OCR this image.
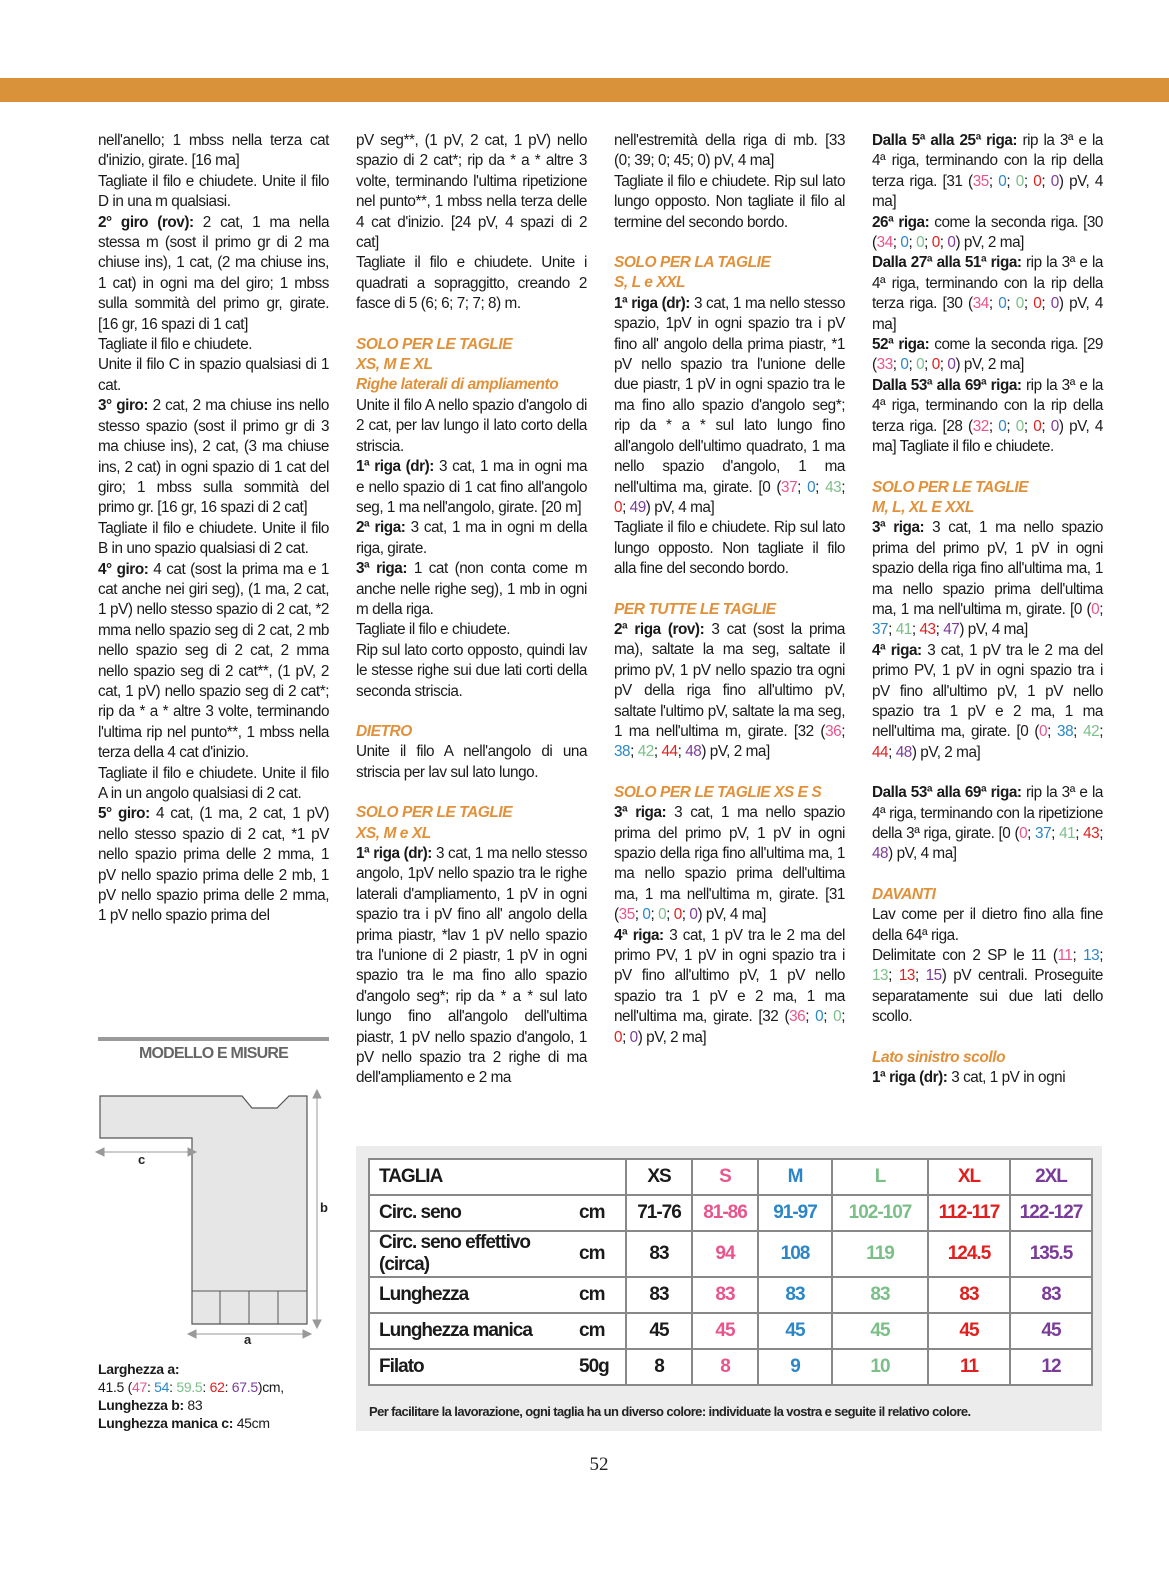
nell'anello; 1 mbss nella terza cat d'inizio, girate. [16 ma]

Tagliate il filo e chiudete. Unite il filo D in una m qualsiasi.

2° giro (rov): 2 cat, 1 ma nella stessa m (sost il primo gr di 2 ma chiuse ins), 1 cat, (2 ma chiuse ins, 1 cat) in ogni ma del giro; 1 mbss sulla sommità del primo gr, girate. [16 gr, 16 spazi di 1 cat]

Tagliate il filo e chiudete.

Unite il filo C in spazio qualsiasi di 1 cat.

3° giro: 2 cat, 2 ma chiuse ins nello stesso spazio (sost il primo gr di 3 ma chiuse ins), 2 cat, (3 ma chiuse ins, 2 cat) in ogni spazio di 1 cat del giro; 1 mbss sulla sommità del primo gr. [16 gr, 16 spazi di 2 cat]

Tagliate il filo e chiudete. Unite il filo B in uno spazio qualsiasi di 2 cat.

4° giro: 4 cat (sost la prima ma e 1 cat anche nei giri seg), (1 ma, 2 cat, 1 pV) nello stesso spazio di 2 cat, *2 mma nello spazio seg di 2 cat, 2 mb nello spazio seg di 2 cat, 2 mma nello spazio seg di 2 cat**, (1 pV, 2 cat, 1 pV) nello spazio seg di 2 cat*; rip da * a * altre 3 volte, terminando l'ultima rip nel punto**, 1 mbss nella terza della 4 cat d'inizio.

Tagliate il filo e chiudete. Unite il filo A in un angolo qualsiasi di 2 cat.

5° giro: 4 cat, (1 ma, 2 cat, 1 pV) nello stesso spazio di 2 cat, *1 pV nello spazio prima delle 2 mma, 1 pV nello spazio prima delle 2 mb, 1 pV nello spazio prima delle 2 mma, 1 pV nello spazio prima del

pV seg**, (1 pV, 2 cat, 1 pV) nello spazio di 2 cat*; rip da * a * altre 3 volte, terminando l'ultima ripetizione nel punto**, 1 mbss nella terza delle 4 cat d'inizio. [24 pV, 4 spazi di 2 cat]

Tagliate il filo e chiudete. Unite i quadrati a sopraggitto, creando 2 fasce di 5 (6; 6; 7; 7; 8) m.

SOLO PER LE TAGLIE

XS, M E XL

Righe laterali di ampliamento

Unite il filo A nello spazio d'angolo di 2 cat, per lav lungo il lato corto della striscia.

1ª riga (dr): 3 cat, 1 ma in ogni ma e nello spazio di 1 cat fino all'angolo seg, 1 ma nell'angolo, girate. [20 m]

2ª riga: 3 cat, 1 ma in ogni m della riga, girate.

3ª riga: 1 cat (non conta come m anche nelle righe seg), 1 mb in ogni m della riga.

Tagliate il filo e chiudete.

Rip sul lato corto opposto, quindi lav le stesse righe sui due lati corti della seconda striscia.

DIETRO

Unite il filo A nell'angolo di una striscia per lav sul lato lungo.

SOLO PER LE TAGLIE

XS, M e XL

1ª riga (dr): 3 cat, 1 ma nello stesso angolo, 1pV nello spazio tra le righe laterali d'ampliamento, 1 pV in ogni spazio tra i pV fino all' angolo della prima piastr, *lav 1 pV nello spazio tra l'unione di 2 piastr, 1 pV in ogni spazio tra le ma fino allo spazio d'angolo seg*; rip da * a * sul lato lungo fino all'angolo dell'ultima piastr, 1 pV nello spazio d'angolo, 1 pV nello spazio tra 2 righe di ma dell'ampliamento e 2 ma

nell'estremità della riga di mb. [33 (0; 39; 0; 45; 0) pV, 4 ma]

Tagliate il filo e chiudete. Rip sul lato lungo opposto. Non tagliate il filo al termine del secondo bordo.

SOLO PER LA TAGLIE

S, L e XXL

1ª riga (dr): 3 cat, 1 ma nello stesso spazio, 1pV in ogni spazio tra i pV fino all' angolo della prima piastr, *1 pV nello spazio tra l'unione delle due piastr, 1 pV in ogni spazio tra le ma fino allo spazio d'angolo seg*; rip da * a * sul lato lungo fino all'angolo dell'ultimo quadrato, 1 ma nello spazio d'angolo, 1 ma nell'ultima ma, girate. [0 (37; 0; 43; 0; 49) pV, 4 ma]

Tagliate il filo e chiudete. Rip sul lato lungo opposto. Non tagliate il filo alla fine del secondo bordo.

PER TUTTE LE TAGLIE

2ª riga (rov): 3 cat (sost la prima ma), saltate la ma seg, saltate il primo pV, 1 pV nello spazio tra ogni pV della riga fino all'ultimo pV, saltate l'ultimo pV, saltate la ma seg, 1 ma nell'ultima m, girate. [32 (36; 38; 42; 44; 48) pV, 2 ma]

SOLO PER LE TAGLIE XS E S

3ª riga: 3 cat, 1 ma nello spazio prima del primo pV, 1 pV in ogni spazio della riga fino all'ultima ma, 1 ma nello spazio prima dell'ultima ma, 1 ma nell'ultima m, girate. [31 (35; 0; 0; 0; 0) pV, 4 ma]

4ª riga: 3 cat, 1 pV tra le 2 ma del primo PV, 1 pV in ogni spazio tra i pV fino all'ultimo pV, 1 pV nello spazio tra 1 pV e 2 ma, 1 ma nell'ultima ma, girate. [32 (36; 0; 0; 0; 0) pV, 2 ma]

Dalla 5ª alla 25ª riga: rip la 3ª e la 4ª riga, terminando con la rip della terza riga. [31 (35; 0; 0; 0; 0) pV, 4 ma]

26ª riga: come la seconda riga. [30 (34; 0; 0; 0; 0) pV, 2 ma]

Dalla 27ª alla 51ª riga: rip la 3ª e la 4ª riga, terminando con la rip della terza riga. [30 (34; 0; 0; 0; 0) pV, 4 ma]

52ª riga: come la seconda riga. [29 (33; 0; 0; 0; 0) pV, 2 ma]

Dalla 53ª alla 69ª riga: rip la 3ª e la 4ª riga, terminando con la rip della terza riga. [28 (32; 0; 0; 0; 0) pV, 4 ma] Tagliate il filo e chiudete.

SOLO PER LE TAGLIE

M, L, XL E XXL

3ª riga: 3 cat, 1 ma nello spazio prima del primo pV, 1 pV in ogni spazio della riga fino all'ultima ma, 1 ma nello spazio prima dell'ultima ma, 1 ma nell'ultima m, girate. [0 (0; 37; 41; 43; 47) pV, 4 ma]

4ª riga: 3 cat, 1 pV tra le 2 ma del primo PV, 1 pV in ogni spazio tra i pV fino all'ultimo pV, 1 pV nello spazio tra 1 pV e 2 ma, 1 ma nell'ultima ma, girate. [0 (0; 38; 42; 44; 48) pV, 2 ma]

Dalla 53ª alla 69ª riga: rip la 3ª e la 4ª riga, terminando con la ripetizione della 3ª riga, girate. [0 (0; 37; 41; 43; 48) pV, 4 ma]

DAVANTI

Lav come per il dietro fino alla fine della 64ª riga.

Delimitate con 2 SP le 11 (11; 13; 13; 13; 15) pV centrali. Proseguite separatamente sui due lati dello scollo.

Lato sinistro scollo

1ª riga (dr): 3 cat, 1 pV in ogni

MODELLO E MISURE
c
b
a

Larghezza a:

41.5 (47: 54: 59.5: 62: 67.5)cm,

Lunghezza b: 83

Lunghezza manica c: 45cm

TAGLIA		XS	S	M	L	XL	2XL
Circ. seno	cm	71-76	81-86	91-97	102-107	112-117	122-127
Circ. seno effettivo (circa)	cm	83	94	108	119	124.5	135.5
Lunghezza	cm	83	83	83	83	83	83
Lunghezza manica	cm	45	45	45	45	45	45
Filato	50g	8	8	9	10	11	12
Per facilitare la lavorazione, ogni taglia ha un diverso colore: individuate la vostra e seguite il relativo colore.
52
